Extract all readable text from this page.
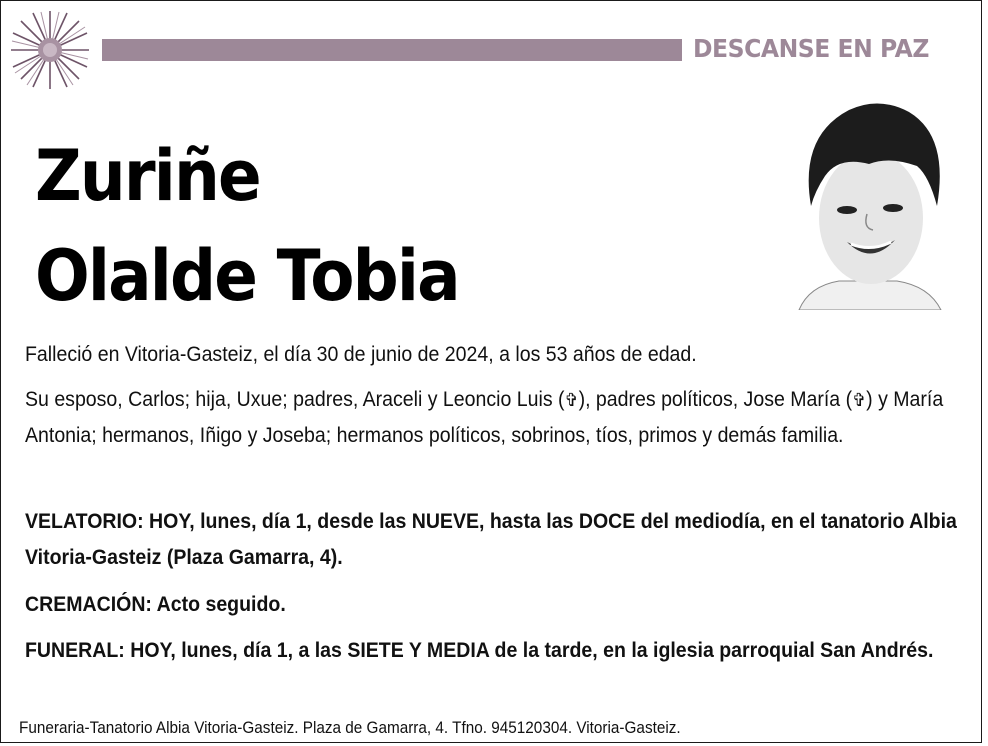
DESCANSE EN PAZ
Zuriñe
Olalde Tobia
Falleció en Vitoria-Gasteiz, el día 30 de junio de 2024, a los 53 años de edad.
Su esposo, Carlos; hija, Uxue; padres, Araceli y Leoncio Luis (✞), padres políticos, Jose María (✞) y María Antonia; hermanos, Iñigo y Joseba; hermanos políticos, sobrinos, tíos, primos y demás familia.
VELATORIO: HOY, lunes, día 1, desde las NUEVE, hasta las DOCE del mediodía, en el tanatorio Albia Vitoria-Gasteiz (Plaza Gamarra, 4).
CREMACIÓN: Acto seguido.
FUNERAL: HOY, lunes, día 1, a las SIETE Y MEDIA de la tarde, en la iglesia parroquial San Andrés.
Funeraria-Tanatorio Albia Vitoria-Gasteiz. Plaza de Gamarra, 4. Tfno. 945120304. Vitoria-Gasteiz.
